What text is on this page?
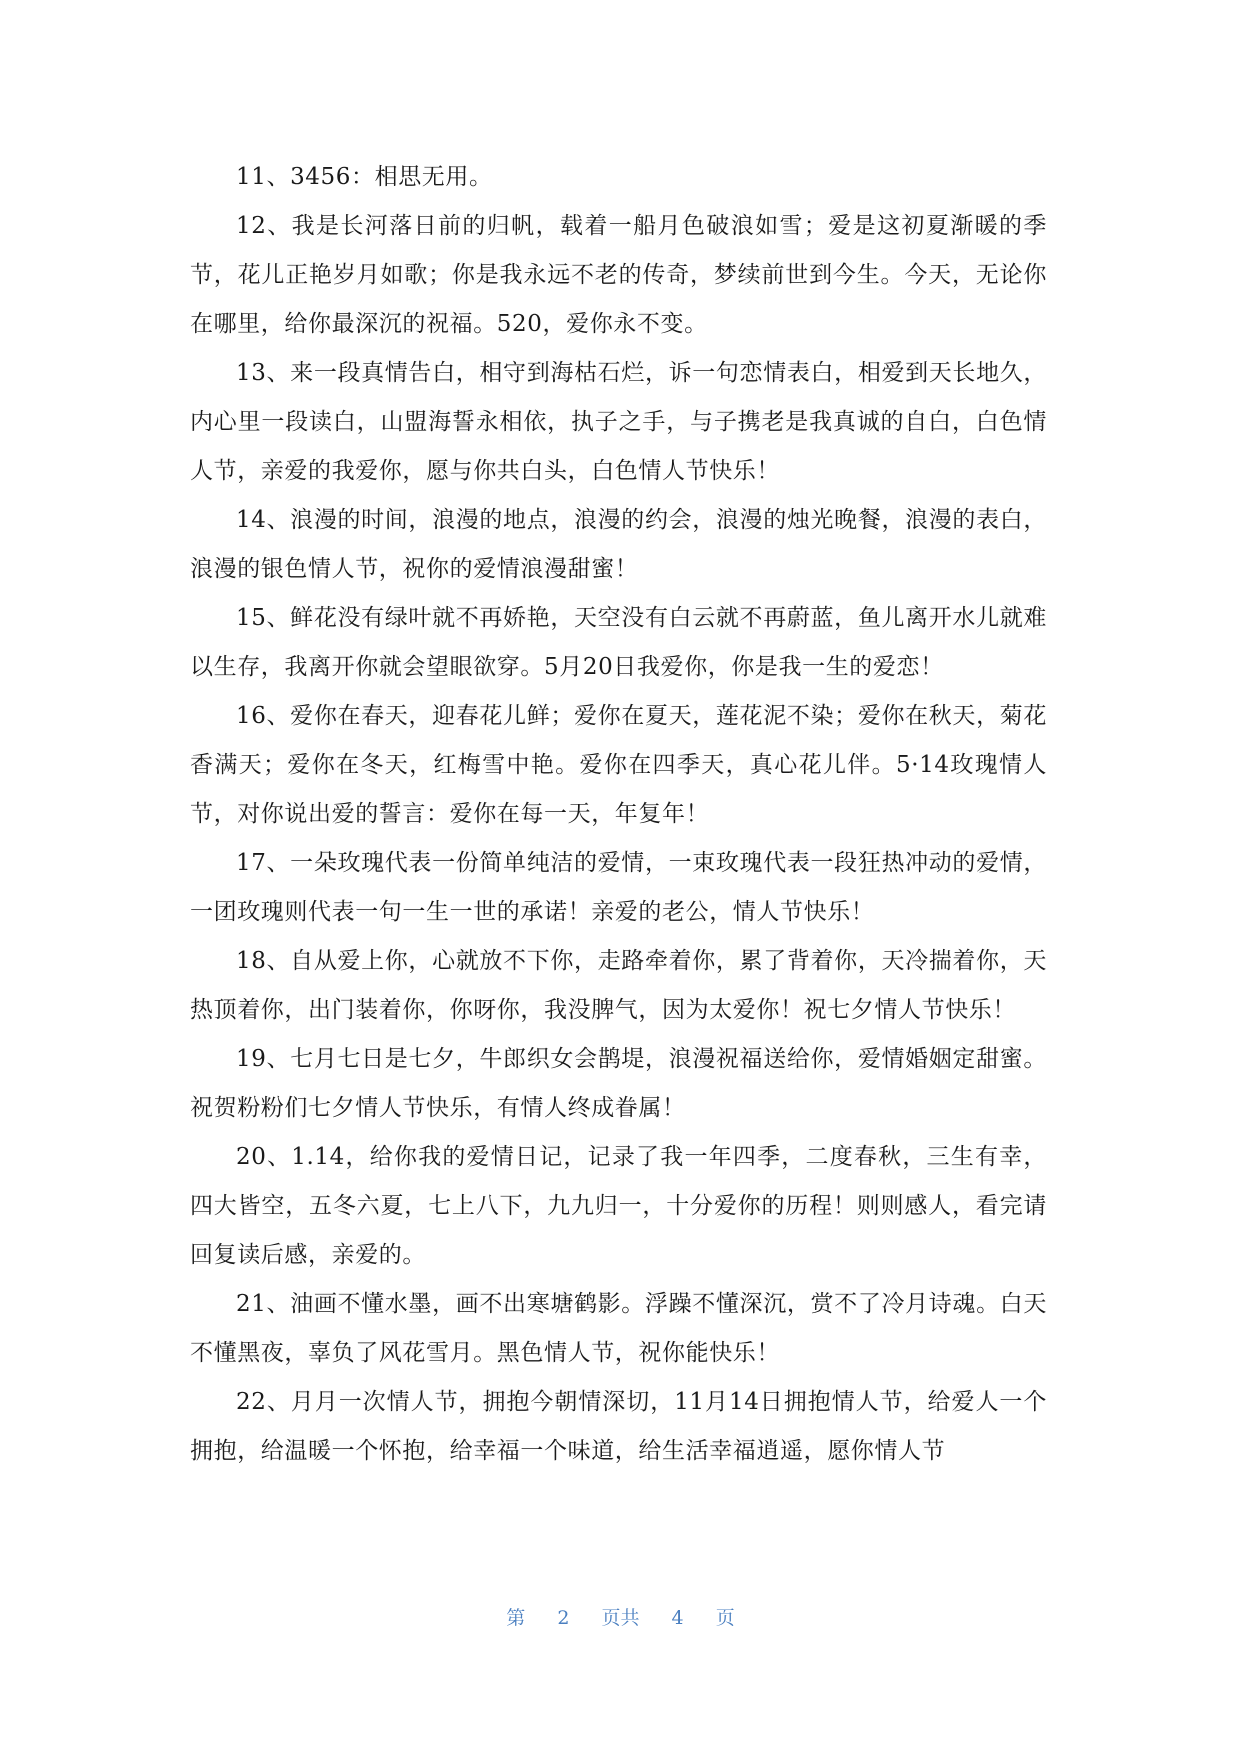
11、3456：相思无用。

12、我是长河落日前的归帆，载着一船月色破浪如雪；爱是这初夏渐暖的季节，花儿正艳岁月如歌；你是我永远不老的传奇，梦续前世到今生。今天，无论你在哪里，给你最深沉的祝福。520，爱你永不变。

13、来一段真情告白，相守到海枯石烂，诉一句恋情表白，相爱到天长地久，内心里一段读白，山盟海誓永相依，执子之手，与子携老是我真诚的自白，白色情人节，亲爱的我爱你，愿与你共白头，白色情人节快乐！

14、浪漫的时间，浪漫的地点，浪漫的约会，浪漫的烛光晚餐，浪漫的表白，浪漫的银色情人节，祝你的爱情浪漫甜蜜！

15、鲜花没有绿叶就不再娇艳，天空没有白云就不再蔚蓝，鱼儿离开水儿就难以生存，我离开你就会望眼欲穿。5月20日我爱你，你是我一生的爱恋！

16、爱你在春天，迎春花儿鲜；爱你在夏天，莲花泥不染；爱你在秋天，菊花香满天；爱你在冬天，红梅雪中艳。爱你在四季天，真心花儿伴。5·14玫瑰情人节，对你说出爱的誓言：爱你在每一天，年复年！

17、一朵玫瑰代表一份简单纯洁的爱情，一束玫瑰代表一段狂热冲动的爱情，一团玫瑰则代表一句一生一世的承诺！亲爱的老公，情人节快乐！

18、自从爱上你，心就放不下你，走路牵着你，累了背着你，天冷揣着你，天热顶着你，出门装着你，你呀你，我没脾气，因为太爱你！祝七夕情人节快乐！

19、七月七日是七夕，牛郎织女会鹊堤，浪漫祝福送给你，爱情婚姻定甜蜜。祝贺粉粉们七夕情人节快乐，有情人终成眷属！

20、1.14，给你我的爱情日记，记录了我一年四季，二度春秋，三生有幸，四大皆空，五冬六夏，七上八下，九九归一，十分爱你的历程！则则感人，看完请回复读后感，亲爱的。

21、油画不懂水墨，画不出寒塘鹤影。浮躁不懂深沉，赏不了冷月诗魂。白天不懂黑夜，辜负了风花雪月。黑色情人节，祝你能快乐！

22、月月一次情人节，拥抱今朝情深切，11月14日拥抱情人节，给爱人一个拥抱，给温暖一个怀抱，给幸福一个味道，给生活幸福逍遥，愿你情人节

第 2 页共 4 页
